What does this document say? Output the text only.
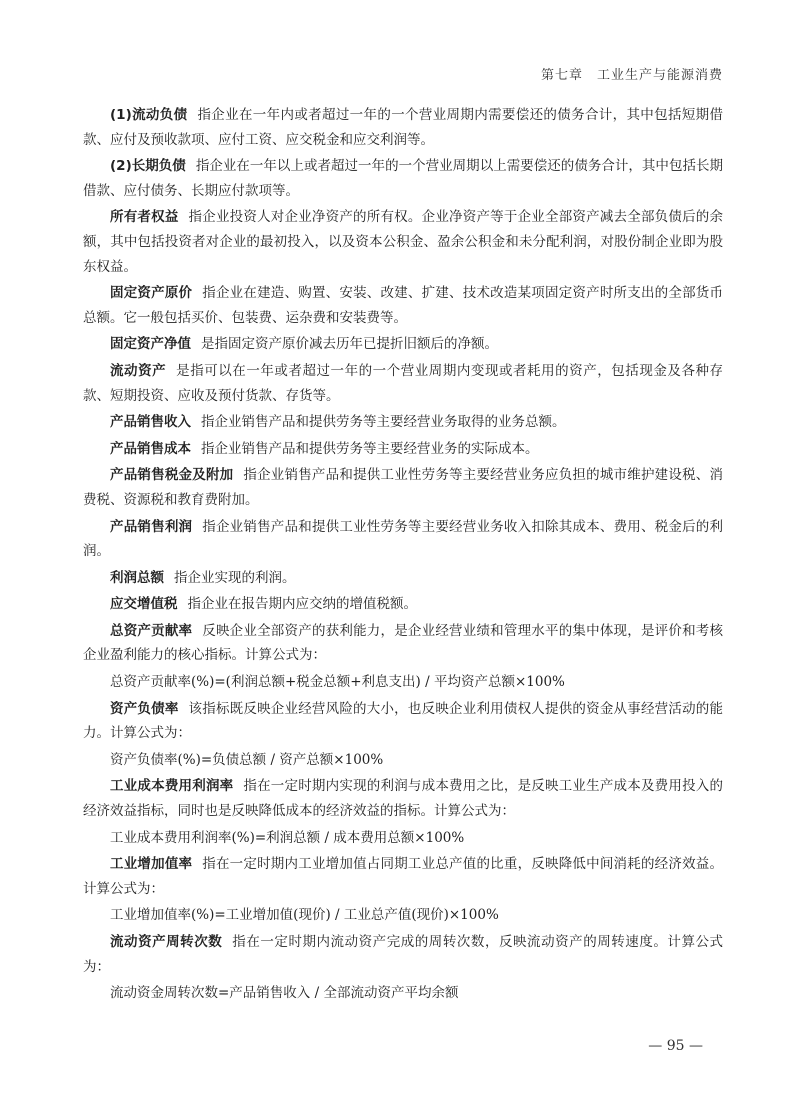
第七章　工业生产与能源消费

(1)流动负债 指企业在一年内或者超过一年的一个营业周期内需要偿还的债务合计，其中包括短期借款、应付及预收款项、应付工资、应交税金和应交利润等。

(2)长期负债 指企业在一年以上或者超过一年的一个营业周期以上需要偿还的债务合计，其中包括长期借款、应付债务、长期应付款项等。

所有者权益 指企业投资人对企业净资产的所有权。企业净资产等于企业全部资产减去全部负债后的余额，其中包括投资者对企业的最初投入，以及资本公积金、盈余公积金和未分配利润，对股份制企业即为股东权益。

固定资产原价 指企业在建造、购置、安装、改建、扩建、技术改造某项固定资产时所支出的全部货币总额。它一般包括买价、包装费、运杂费和安装费等。

固定资产净值 是指固定资产原价减去历年已提折旧额后的净额。

流动资产 是指可以在一年或者超过一年的一个营业周期内变现或者耗用的资产，包括现金及各种存款、短期投资、应收及预付货款、存货等。

产品销售收入 指企业销售产品和提供劳务等主要经营业务取得的业务总额。

产品销售成本 指企业销售产品和提供劳务等主要经营业务的实际成本。

产品销售税金及附加 指企业销售产品和提供工业性劳务等主要经营业务应负担的城市维护建设税、消费税、资源税和教育费附加。

产品销售利润 指企业销售产品和提供工业性劳务等主要经营业务收入扣除其成本、费用、税金后的利润。

利润总额 指企业实现的利润。

应交增值税 指企业在报告期内应交纳的增值税额。

总资产贡献率 反映企业全部资产的获利能力，是企业经营业绩和管理水平的集中体现，是评价和考核企业盈利能力的核心指标。计算公式为：

总资产贡献率(%)=(利润总额+税金总额+利息支出) / 平均资产总额×100%

资产负债率 该指标既反映企业经营风险的大小，也反映企业利用债权人提供的资金从事经营活动的能力。计算公式为：

资产负债率(%)=负债总额 / 资产总额×100%

工业成本费用利润率 指在一定时期内实现的利润与成本费用之比，是反映工业生产成本及费用投入的经济效益指标，同时也是反映降低成本的经济效益的指标。计算公式为：

工业成本费用利润率(%)=利润总额 / 成本费用总额×100%

工业增加值率 指在一定时期内工业增加值占同期工业总产值的比重，反映降低中间消耗的经济效益。计算公式为：

工业增加值率(%)=工业增加值(现价) / 工业总产值(现价)×100%

流动资产周转次数 指在一定时期内流动资产完成的周转次数，反映流动资产的周转速度。计算公式为：

流动资金周转次数=产品销售收入 / 全部流动资产平均余额

— 95 —
